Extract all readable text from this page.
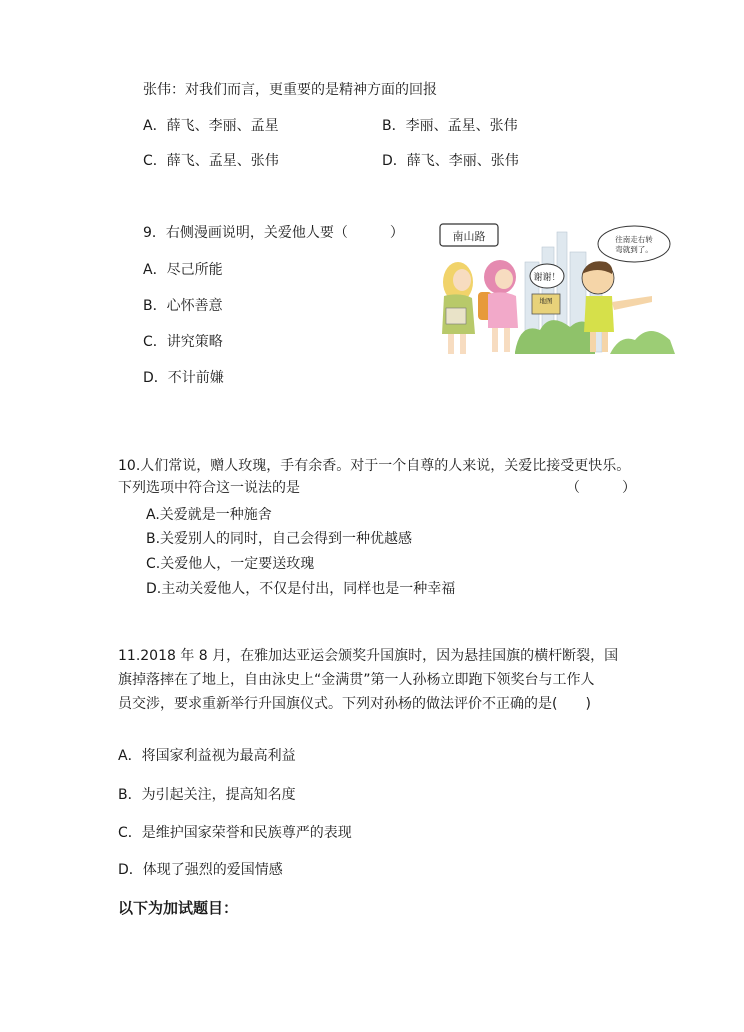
张伟：对我们而言，更重要的是精神方面的回报
A．薛飞、李丽、孟星	B．李丽、孟星、张伟
C．薛飞、孟星、张伟	D．薛飞、李丽、张伟
9．右侧漫画说明，关爱他人要（　　　）
A．尽己所能
B．心怀善意
C．讲究策略
D．不计前嫌
南山路
谢谢！
地图
往南走右转
弯就到了。
10.人们常说，赠人玫瑰，手有余香。对于一个自尊的人来说，关爱比接受更快乐。
下列选项中符合这一说法的是	（　　　）
A.关爱就是一种施舍
B.关爱别人的同时，自己会得到一种优越感
C.关爱他人，一定要送玫瑰
D.主动关爱他人，不仅是付出，同样也是一种幸福
11.2018 年 8 月，在雅加达亚运会颁奖升国旗时，因为悬挂国旗的横杆断裂，国
旗掉落摔在了地上，自由泳史上“金满贯”第一人孙杨立即跑下领奖台与工作人
员交涉，要求重新举行升国旗仪式。下列对孙杨的做法评价不正确的是(　　)
A．将国家利益视为最高利益
B．为引起关注，提高知名度
C．是维护国家荣誉和民族尊严的表现
D．体现了强烈的爱国情感
以下为加试题目：
